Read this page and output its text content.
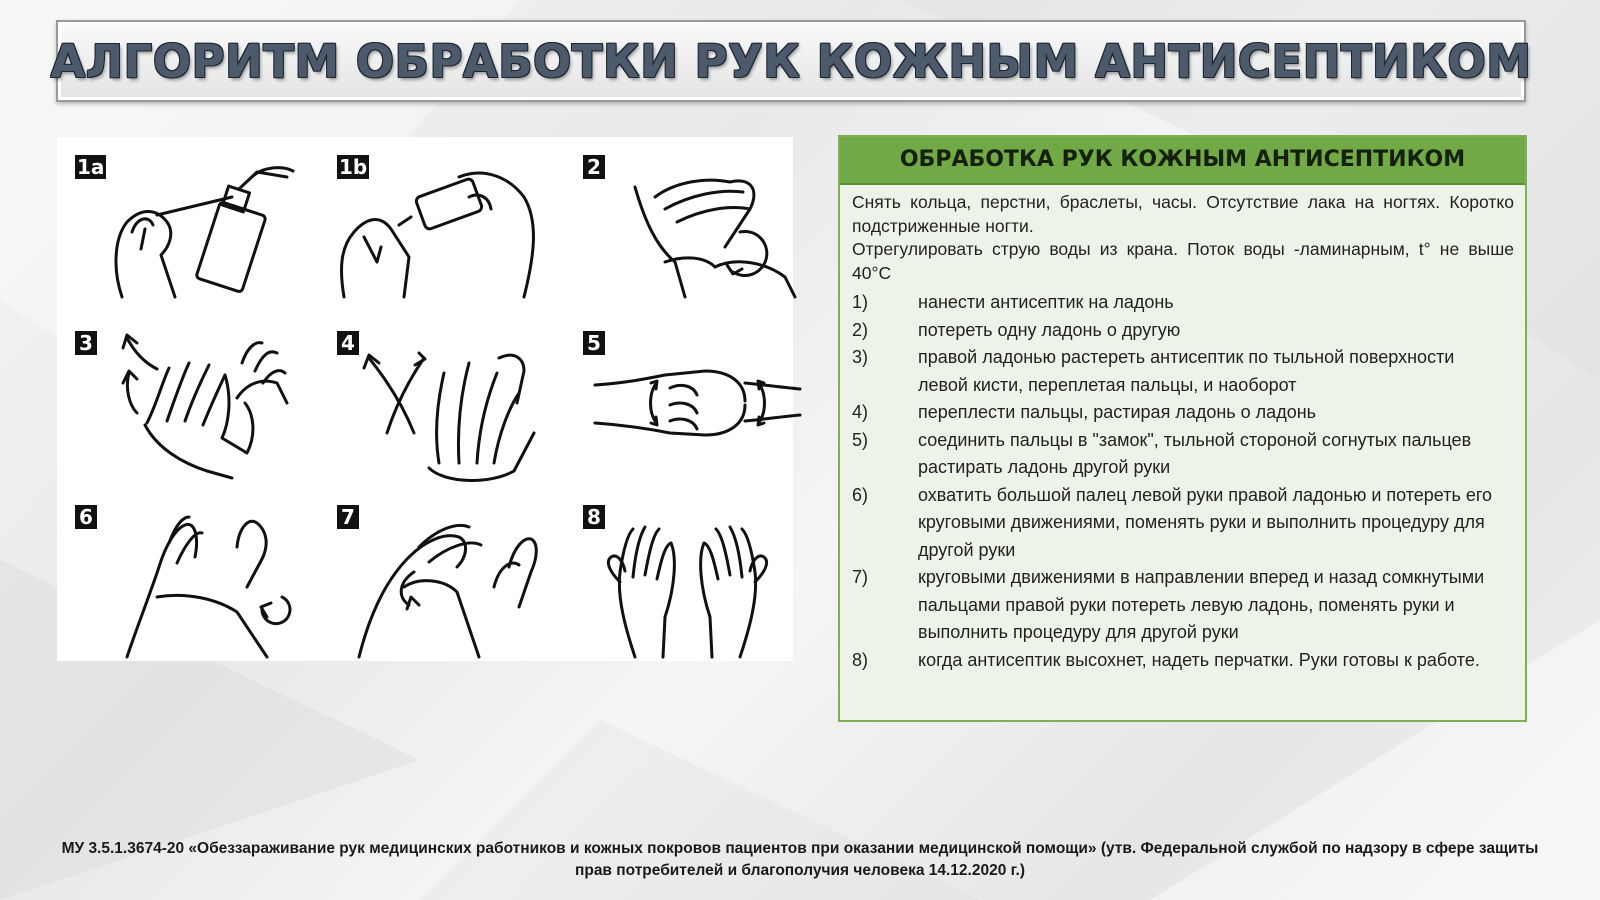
АЛГОРИТМ ОБРАБОТКИ РУК КОЖНЫМ АНТИСЕПТИКОМ
1a	1b	2
3	4	5
6	7	8
ОБРАБОТКА РУК КОЖНЫМ АНТИСЕПТИКОМ

Снять кольца, перстни, браслеты, часы. Отсутствие лака на ногтях. Коротко подстриженные ногти.

Отрегулировать струю воды из крана. Поток воды -ламинарным, t° не выше 40°C

1)	нанести антисептик на ладонь
2)	потереть одну ладонь о другую
3)	правой ладонью растереть антисептик по тыльной поверхности левой кисти, переплетая пальцы, и наоборот
4)	переплести пальцы, растирая ладонь о ладонь
5)	соединить пальцы в "замок", тыльной стороной согнутых пальцев растирать ладонь другой руки
6)	охватить большой палец левой руки правой ладонью и потереть его круговыми движениями, поменять руки и выполнить процедуру для другой руки
7)	круговыми движениями в направлении вперед и назад сомкнутыми пальцами правой руки потереть левую ладонь, поменять руки и выполнить процедуру для другой руки
8)	когда антисептик высохнет, надеть перчатки. Руки готовы к работе.
МУ 3.5.1.3674-20 «Обеззараживание рук медицинских работников и кожных покровов пациентов при оказании медицинской помощи» (утв. Федеральной службой по надзору в сфере защиты прав потребителей и благополучия человека 14.12.2020 г.)
